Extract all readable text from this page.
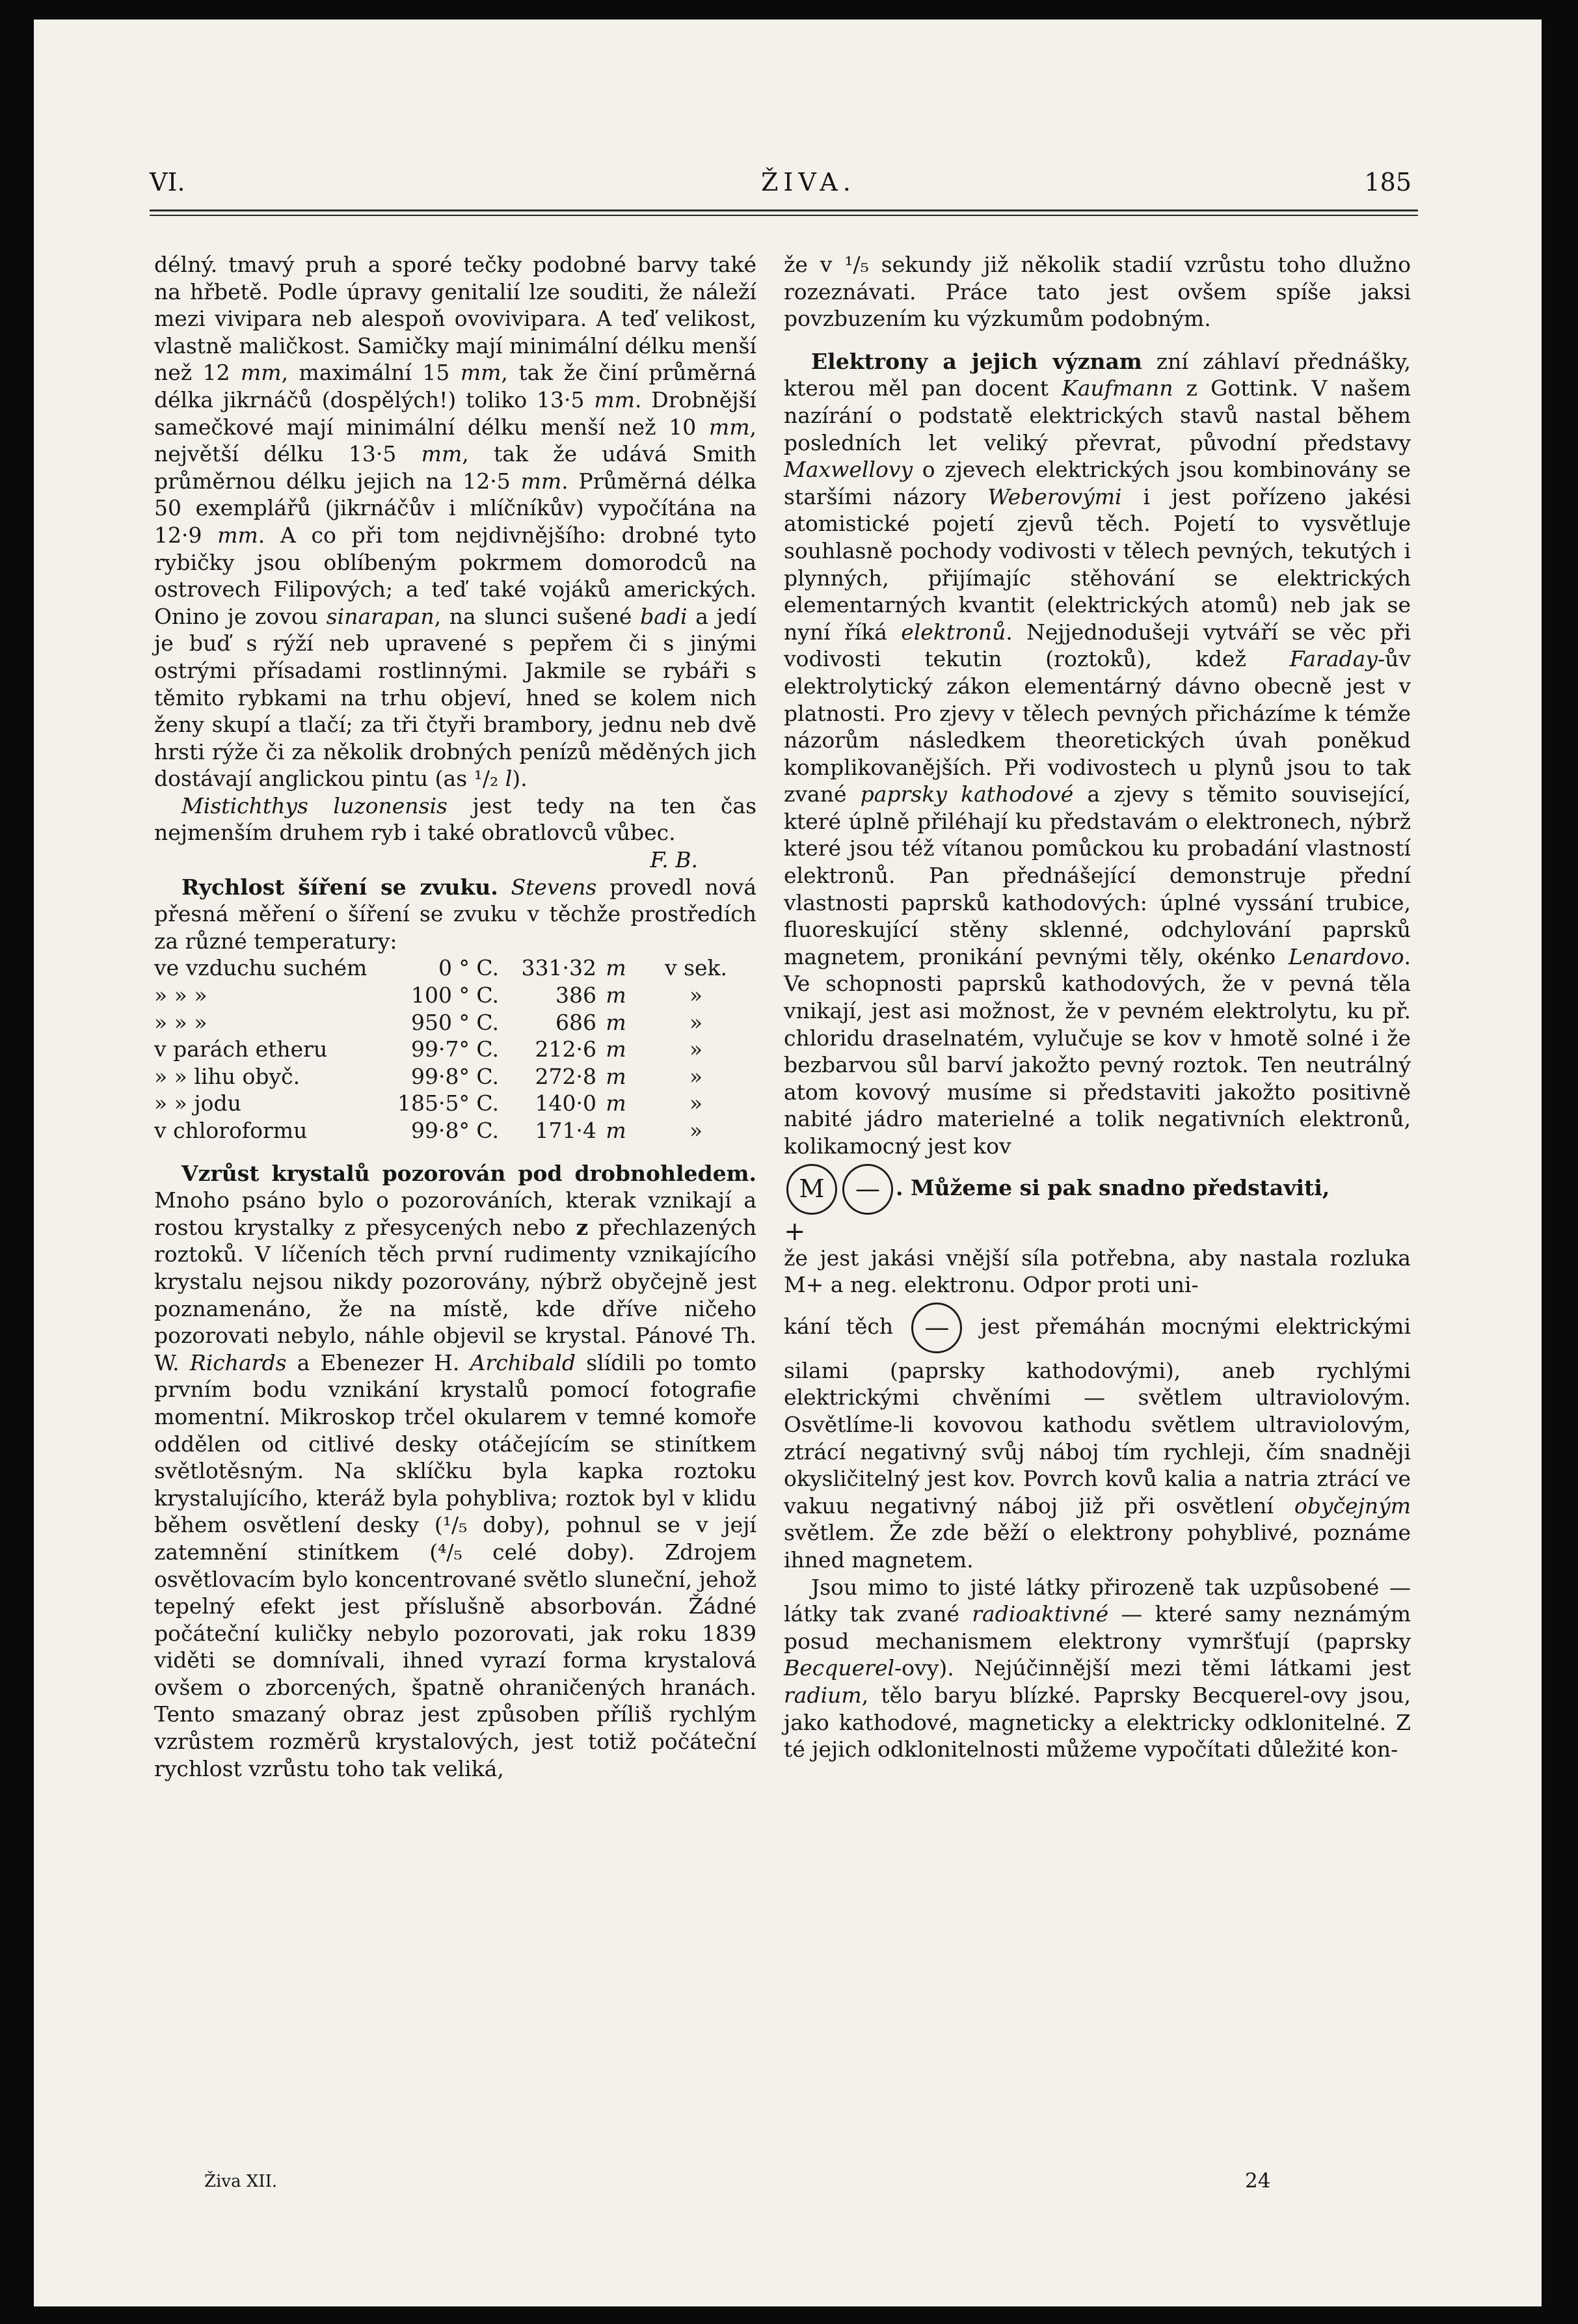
VI.	ŽIVA.	185

délný. tmavý pruh a sporé tečky podobné barvy také na hřbetě. Podle úpravy genitalií lze souditi, že náleží mezi vivipara neb alespoň ovovivipara. A teď velikost, vlastně maličkost. Samičky mají minimální délku menší než 12 mm, maximální 15 mm, tak že činí průměrná délka jikrnáčů (dospělých!) toliko 13·5 mm. Drobnější samečkové mají minimální délku menší než 10 mm, největší délku 13·5 mm, tak že udává Smith průměrnou délku jejich na 12·5 mm. Průměrná délka 50 exemplářů (jikrnáčův i mlíčníkův) vypočítána na 12·9 mm. A co při tom nejdivnějšího: drobné tyto rybičky jsou oblíbeným pokrmem domorodců na ostrovech Filipových; a teď také vojáků amerických. Onino je zovou sinarapan, na slunci sušené badi a jedí je buď s rýží neb upravené s pepřem či s jinými ostrými přísadami rostlinnými. Jakmile se rybáři s těmito rybkami na trhu objeví, hned se kolem nich ženy skupí a tlačí; za tři čtyři brambory, jednu neb dvě hrsti rýže či za několik drobných penízů měděných jich dostávají anglickou pintu (as ¹/₂ l).

Mistichthys luzonensis jest tedy na ten čas nejmenším druhem ryb i také obratlovců vůbec.

F. B.

Rychlost šíření se zvuku. Stevens provedl nová přesná měření o šíření se zvuku v těchže prostředích za různé temperatury:

ve vzduchu suchém	0 ° C.	331·32	m	v sek.
» » »	100 ° C.	386	m	»
» » »	950 ° C.	686	m	»
v parách etheru	99·7° C.	212·6	m	»
» » lihu obyč.	99·8° C.	272·8	m	»
» » jodu	185·5° C.	140·0	m	»
v chloroformu	99·8° C.	171·4	m	»

Vzrůst krystalů pozorován pod drobnohledem. Mnoho psáno bylo o pozorováních, kterak vznikají a rostou krystalky z přesycených nebo z přechlazených roztoků. V líčeních těch první rudimenty vznikajícího krystalu nejsou nikdy pozorovány, nýbrž obyčejně jest poznamenáno, že na místě, kde dříve ničeho pozorovati nebylo, náhle objevil se krystal. Pánové Th. W. Richards a Ebenezer H. Archibald slídili po tomto prvním bodu vznikání krystalů pomocí fotografie momentní. Mikroskop trčel okularem v temné komoře oddělen od citlivé desky otáčejícím se stinítkem světlotěsným. Na sklíčku byla kapka roztoku krystalujícího, kteráž byla pohybliva; roztok byl v klidu během osvětlení desky (¹/₅ doby), pohnul se v její zatemnění stinítkem (⁴/₅ celé doby). Zdrojem osvětlovacím bylo koncentrované světlo sluneční, jehož tepelný efekt jest příslušně absorbován. Žádné počáteční kuličky nebylo pozorovati, jak roku 1839 viděti se domnívali, ihned vyrazí forma krystalová ovšem o zborcených, špatně ohraničených hranách. Tento smazaný obraz jest způsoben příliš rychlým vzrůstem rozměrů krystalových, jest totiž počáteční rychlost vzrůstu toho tak veliká,

že v ¹/₅ sekundy již několik stadií vzrůstu toho dlužno rozeznávati. Práce tato jest ovšem spíše jaksi povzbuzením ku výzkumům podobným.

Elektrony a jejich význam zní záhlaví přednášky, kterou měl pan docent Kaufmann z Gottink. V našem nazírání o podstatě elektrických stavů nastal během posledních let veliký převrat, původní představy Maxwellovy o zjevech elektrických jsou kombinovány se staršími názory Weberovými i jest pořízeno jakési atomistické pojetí zjevů těch. Pojetí to vysvětluje souhlasně pochody vodivosti v tělech pevných, tekutých i plynných, přijímajíc stěhování se elektrických elementarných kvantit (elektrických atomů) neb jak se nyní říká elektronů. Nejjednodušeji vytváří se věc při vodivosti tekutin (roztoků), kdež Faraday-ův elektrolytický zákon elementárný dávno obecně jest v platnosti. Pro zjevy v tělech pevných přicházíme k témže názorům následkem theoretických úvah poněkud komplikovanějších. Při vodivostech u plynů jsou to tak zvané paprsky kathodové a zjevy s těmito související, které úplně přiléhají ku představám o elektronech, nýbrž které jsou též vítanou pomůckou ku probadání vlastností elektronů. Pan přednášející demonstruje přední vlastnosti paprsků kathodových: úplné vyssání trubice, fluoreskující stěny sklenné, odchylování paprsků magnetem, pronikání pevnými těly, okénko Lenardovo. Ve schopnosti paprsků kathodových, že v pevná těla vnikají, jest asi možnost, že v pevném elektrolytu, ku př. chloridu draselnatém, vylučuje se kov v hmotě solné i že bezbarvou sůl barví jakožto pevný roztok. Ten neutrálný atom kovový musíme si představiti jakožto positivně nabité jádro materielné a tolik negativních elektronů, kolikamocný jest kov

M — . Můžeme si pak snadno představiti,

+

že jest jakási vnější síla potřebna, aby nastala rozluka M+ a neg. elektronu. Odpor proti uni-

kání těch — jest přemáhán mocnými elektrickými silami (paprsky kathodovými), aneb rychlými elektrickými chvěními — světlem ultraviolovým. Osvětlíme-li kovovou kathodu světlem ultraviolovým, ztrácí negativný svůj náboj tím rychleji, čím snadněji okysličitelný jest kov. Povrch kovů kalia a natria ztrácí ve vakuu negativný náboj již při osvětlení obyčejným světlem. Že zde běží o elektrony pohyblivé, poznáme ihned magnetem.

Jsou mimo to jisté látky přirozeně tak uzpůsobené — látky tak zvané radioaktivné — které samy neznámým posud mechanismem elektrony vymršťují (paprsky Becquerel-ovy). Nejúčinnější mezi těmi látkami jest radium, tělo baryu blízké. Paprsky Becquerel-ovy jsou, jako kathodové, magneticky a elektricky odklonitelné. Z té jejich odklonitelnosti můžeme vypočítati důležité kon-

Živa XII.	24
